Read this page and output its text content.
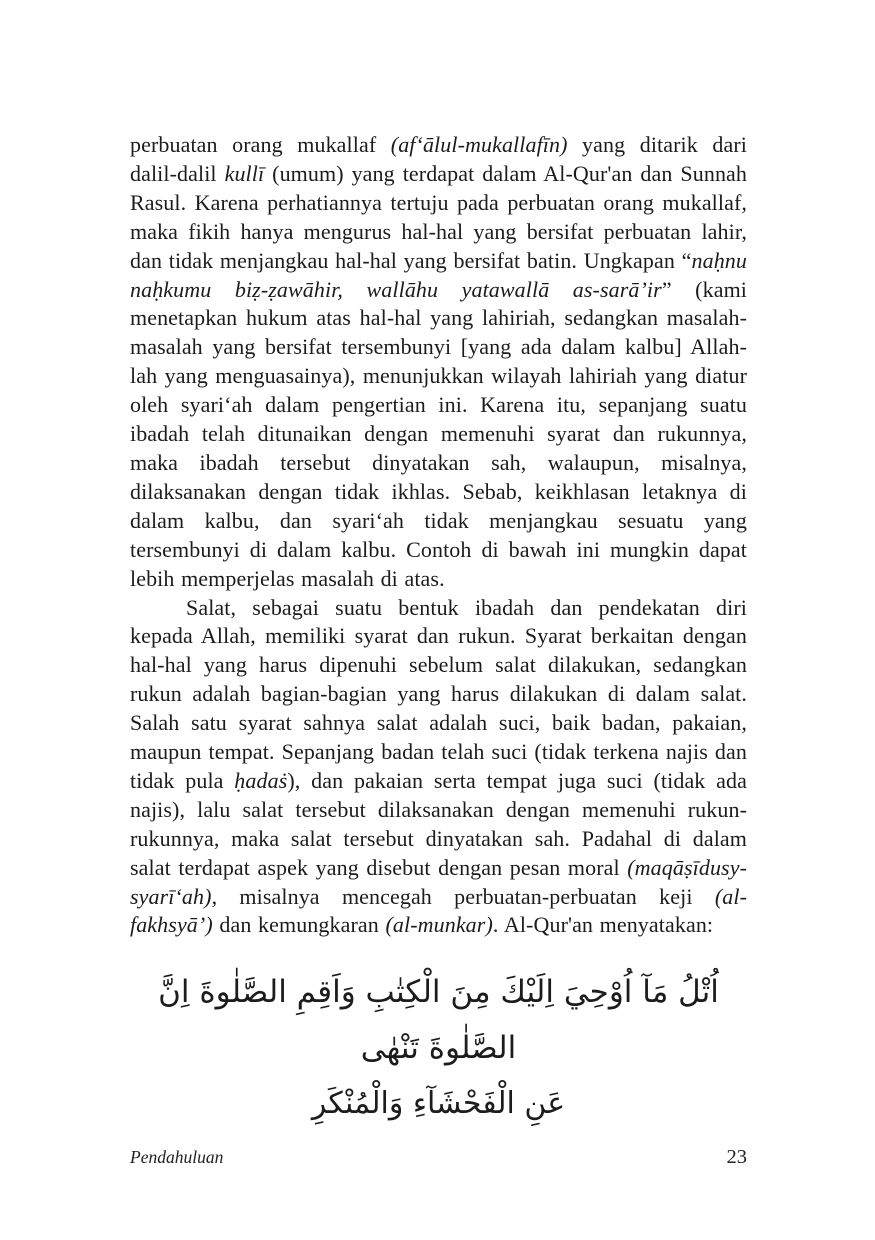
perbuatan orang mukallaf (af‘ālul-mukallafīn) yang ditarik dari dalil-dalil kullī (umum) yang terdapat dalam Al-Qur'an dan Sunnah Rasul. Karena perhatiannya tertuju pada perbuatan orang mukallaf, maka fikih hanya mengurus hal-hal yang bersifat perbuatan lahir, dan tidak menjangkau hal-hal yang bersifat batin. Ungkapan “naḥnu naḥkumu biẓ-ẓawāhir, wallāhu yatawallā as-sarā’ir” (kami menetapkan hukum atas hal-hal yang lahiriah, sedangkan masalah-masalah yang bersifat tersembunyi [yang ada dalam kalbu] Allah-lah yang menguasainya), menunjukkan wilayah lahiriah yang diatur oleh syari‘ah dalam pengertian ini. Karena itu, sepanjang suatu ibadah telah ditunaikan dengan memenuhi syarat dan rukunnya, maka ibadah tersebut dinyatakan sah, walaupun, misalnya, dilaksanakan dengan tidak ikhlas. Sebab, keikhlasan letaknya di dalam kalbu, dan syari‘ah tidak menjangkau sesuatu yang tersembunyi di dalam kalbu. Contoh di bawah ini mungkin dapat lebih memperjelas masalah di atas.

Salat, sebagai suatu bentuk ibadah dan pendekatan diri kepada Allah, memiliki syarat dan rukun. Syarat berkaitan dengan hal-hal yang harus dipenuhi sebelum salat dilakukan, sedangkan rukun adalah bagian-bagian yang harus dilakukan di dalam salat. Salah satu syarat sahnya salat adalah suci, baik badan, pakaian, maupun tempat. Sepanjang badan telah suci (tidak terkena najis dan tidak pula ḥadaṡ), dan pakaian serta tempat juga suci (tidak ada najis), lalu salat tersebut dilaksanakan dengan memenuhi rukun-rukunnya, maka salat tersebut dinyatakan sah. Padahal di dalam salat terdapat aspek yang disebut dengan pesan moral (maqāṣīdusy-syarī‘ah), misalnya mencegah perbuatan-perbuatan keji (al-fakhsyā’) dan kemungkaran (al-munkar). Al-Qur'an menyatakan:

اُتْلُ مَآ اُوْحِيَ اِلَيْكَ مِنَ الْكِتٰبِ وَاَقِمِ الصَّلٰوةَ اِنَّ الصَّلٰوةَ تَنْهٰى
عَنِ الْفَحْشَآءِ وَالْمُنْكَرِ
Pendahuluan	23
